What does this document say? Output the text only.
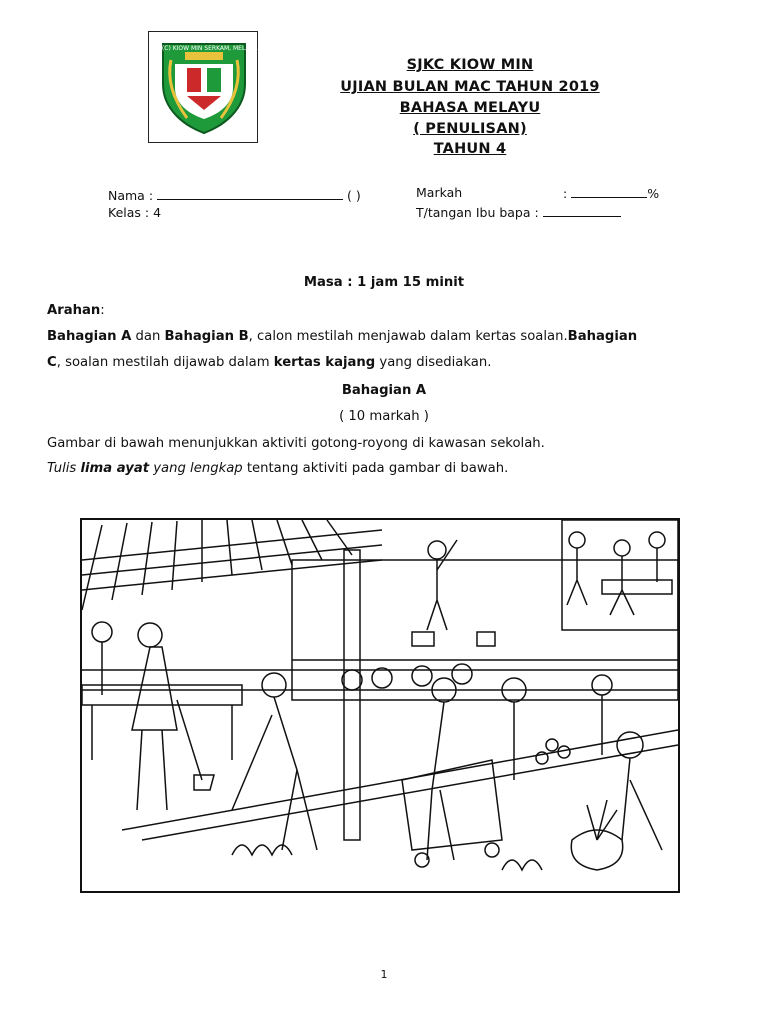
SJK (C) KIOW MIN SERKAM, MELAKA
SJKC KIOW MIN
UJIAN BULAN MAC TAHUN 2019
BAHASA MELAYU
( PENULISAN)
TAHUN 4
Nama :	( )
Kelas : 4
Markah	:	%
T/tangan Ibu bapa :
Masa : 1 jam 15 minit
Arahan:
Bahagian A dan Bahagian B, calon mestilah menjawab dalam kertas soalan.Bahagian
C, soalan mestilah dijawab dalam kertas kajang yang disediakan.
Bahagian A
( 10 markah )
Gambar di bawah menunjukkan aktiviti gotong-royong di kawasan sekolah.
Tulis lima ayat yang lengkap tentang aktiviti pada gambar di bawah.
1
